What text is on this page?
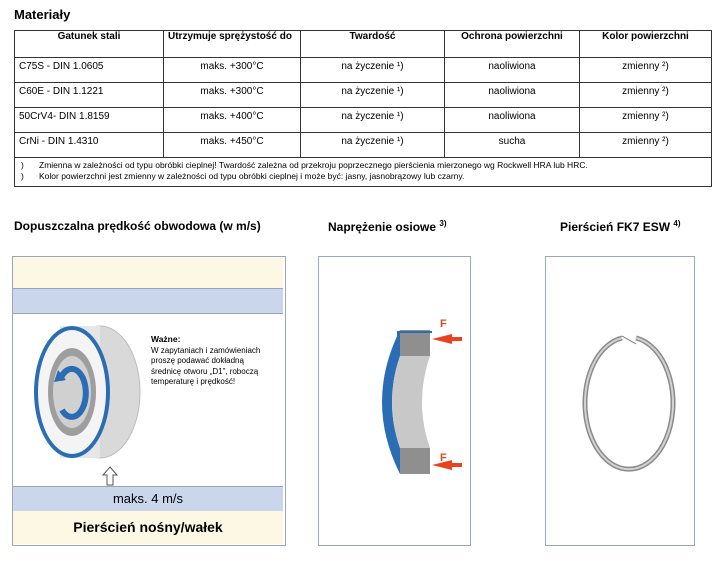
Materiały
Gatunek stali	Utrzymuje sprężystość do	Twardość	Ochrona powierzchni	Kolor powierzchni
C75S - DIN 1.0605	maks. +300°C	na życzenie ¹)	naoliwiona	zmienny ²)
C60E - DIN 1.1221	maks. +300°C	na życzenie ¹)	naoliwiona	zmienny ²)
50CrV4- DIN 1.8159	maks. +400°C	na życzenie ¹)	naoliwiona	zmienny ²)
CrNi - DIN 1.4310	maks. +450°C	na życzenie ¹)	sucha	zmienny ²)

) Zmienna w zależności od typu obróbki cieplnej! Twardość zależna od przekroju poprzecznego pierścienia mierzonego wg Rockwell HRA lub HRC.
) Kolor powierzchni jest zmienny w zależności od typu obróbki cieplnej i może być: jasny, jasnobrązowy lub czarny.				
Dopuszczalna prędkość obwodowa (w m/s)	Naprężenie osiowe $^{3)}$	Pierścień FK7 ESW $^{4)}$
Ważne:
W zapytaniach i zamówieniach proszę podawać dokładną średnicę otworu „D1”, roboczą temperaturę i prędkość!
maks. 4 m/s
Pierścień nośny/wałek
F
F
